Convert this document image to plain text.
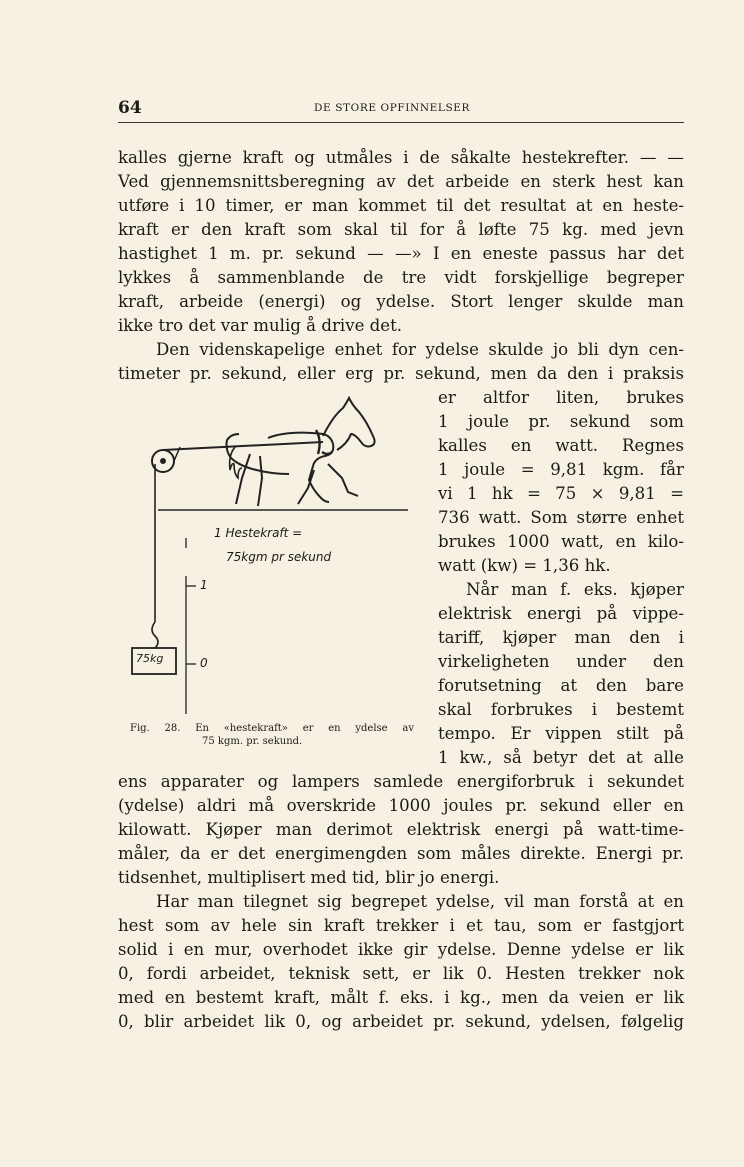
64	DE STORE OPFINNELSER
kalles gjerne kraft og utmåles i de såkalte hestekrefter. — —
Ved gjennemsnittsberegning av det arbeide en sterk hest kan
utføre i 10 timer, er man kommet til det resultat at en heste-
kraft er den kraft som skal til for å løfte 75 kg. med jevn
hastighet 1 m. pr. sekund — —» I en eneste passus har det
lykkes å sammenblande de tre vidt forskjellige begreper
kraft, arbeide (energi) og ydelse. Stort lenger skulde man
ikke tro det var mulig å drive det.
Den videnskapelige enhet for ydelse skulde jo bli dyn cen-
timeter pr. sekund, eller erg pr. sekund, men da den i praksis
er altfor liten, brukes
1 joule pr. sekund som
kalles en watt. Regnes
1 joule = 9,81 kgm. får
vi 1 hk = 75 × 9,81 =
736 watt. Som større enhet
brukes 1000 watt, en kilo-
watt (kw) = 1,36 hk.
Når man f. eks. kjøper
elektrisk energi på vippe-
tariff, kjøper man den i
virkeligheten under den
forutsetning at den bare
skal forbrukes i bestemt
tempo. Er vippen stilt på
1 kw., så betyr det at alle
ens apparater og lampers samlede energiforbruk i sekundet
(ydelse) aldri må overskride 1000 joules pr. sekund eller en
kilowatt. Kjøper man derimot elektrisk energi på watt-time-
måler, da er det energimengden som måles direkte. Energi pr.
tidsenhet, multiplisert med tid, blir jo energi.
Har man tilegnet sig begrepet ydelse, vil man forstå at en
hest som av hele sin kraft trekker i et tau, som er fastgjort
solid i en mur, overhodet ikke gir ydelse. Denne ydelse er lik
0, fordi arbeidet, teknisk sett, er lik 0. Hesten trekker nok
med en bestemt kraft, målt f. eks. i kg., men da veien er lik
0, blir arbeidet lik 0, og arbeidet pr. sekund, ydelsen, følgelig
1 Hestekraft =
75kgm pr sekund
1
0
75kg
Fig. 28. En «hestekraft» er en ydelse av
75 kgm. pr. sekund.
